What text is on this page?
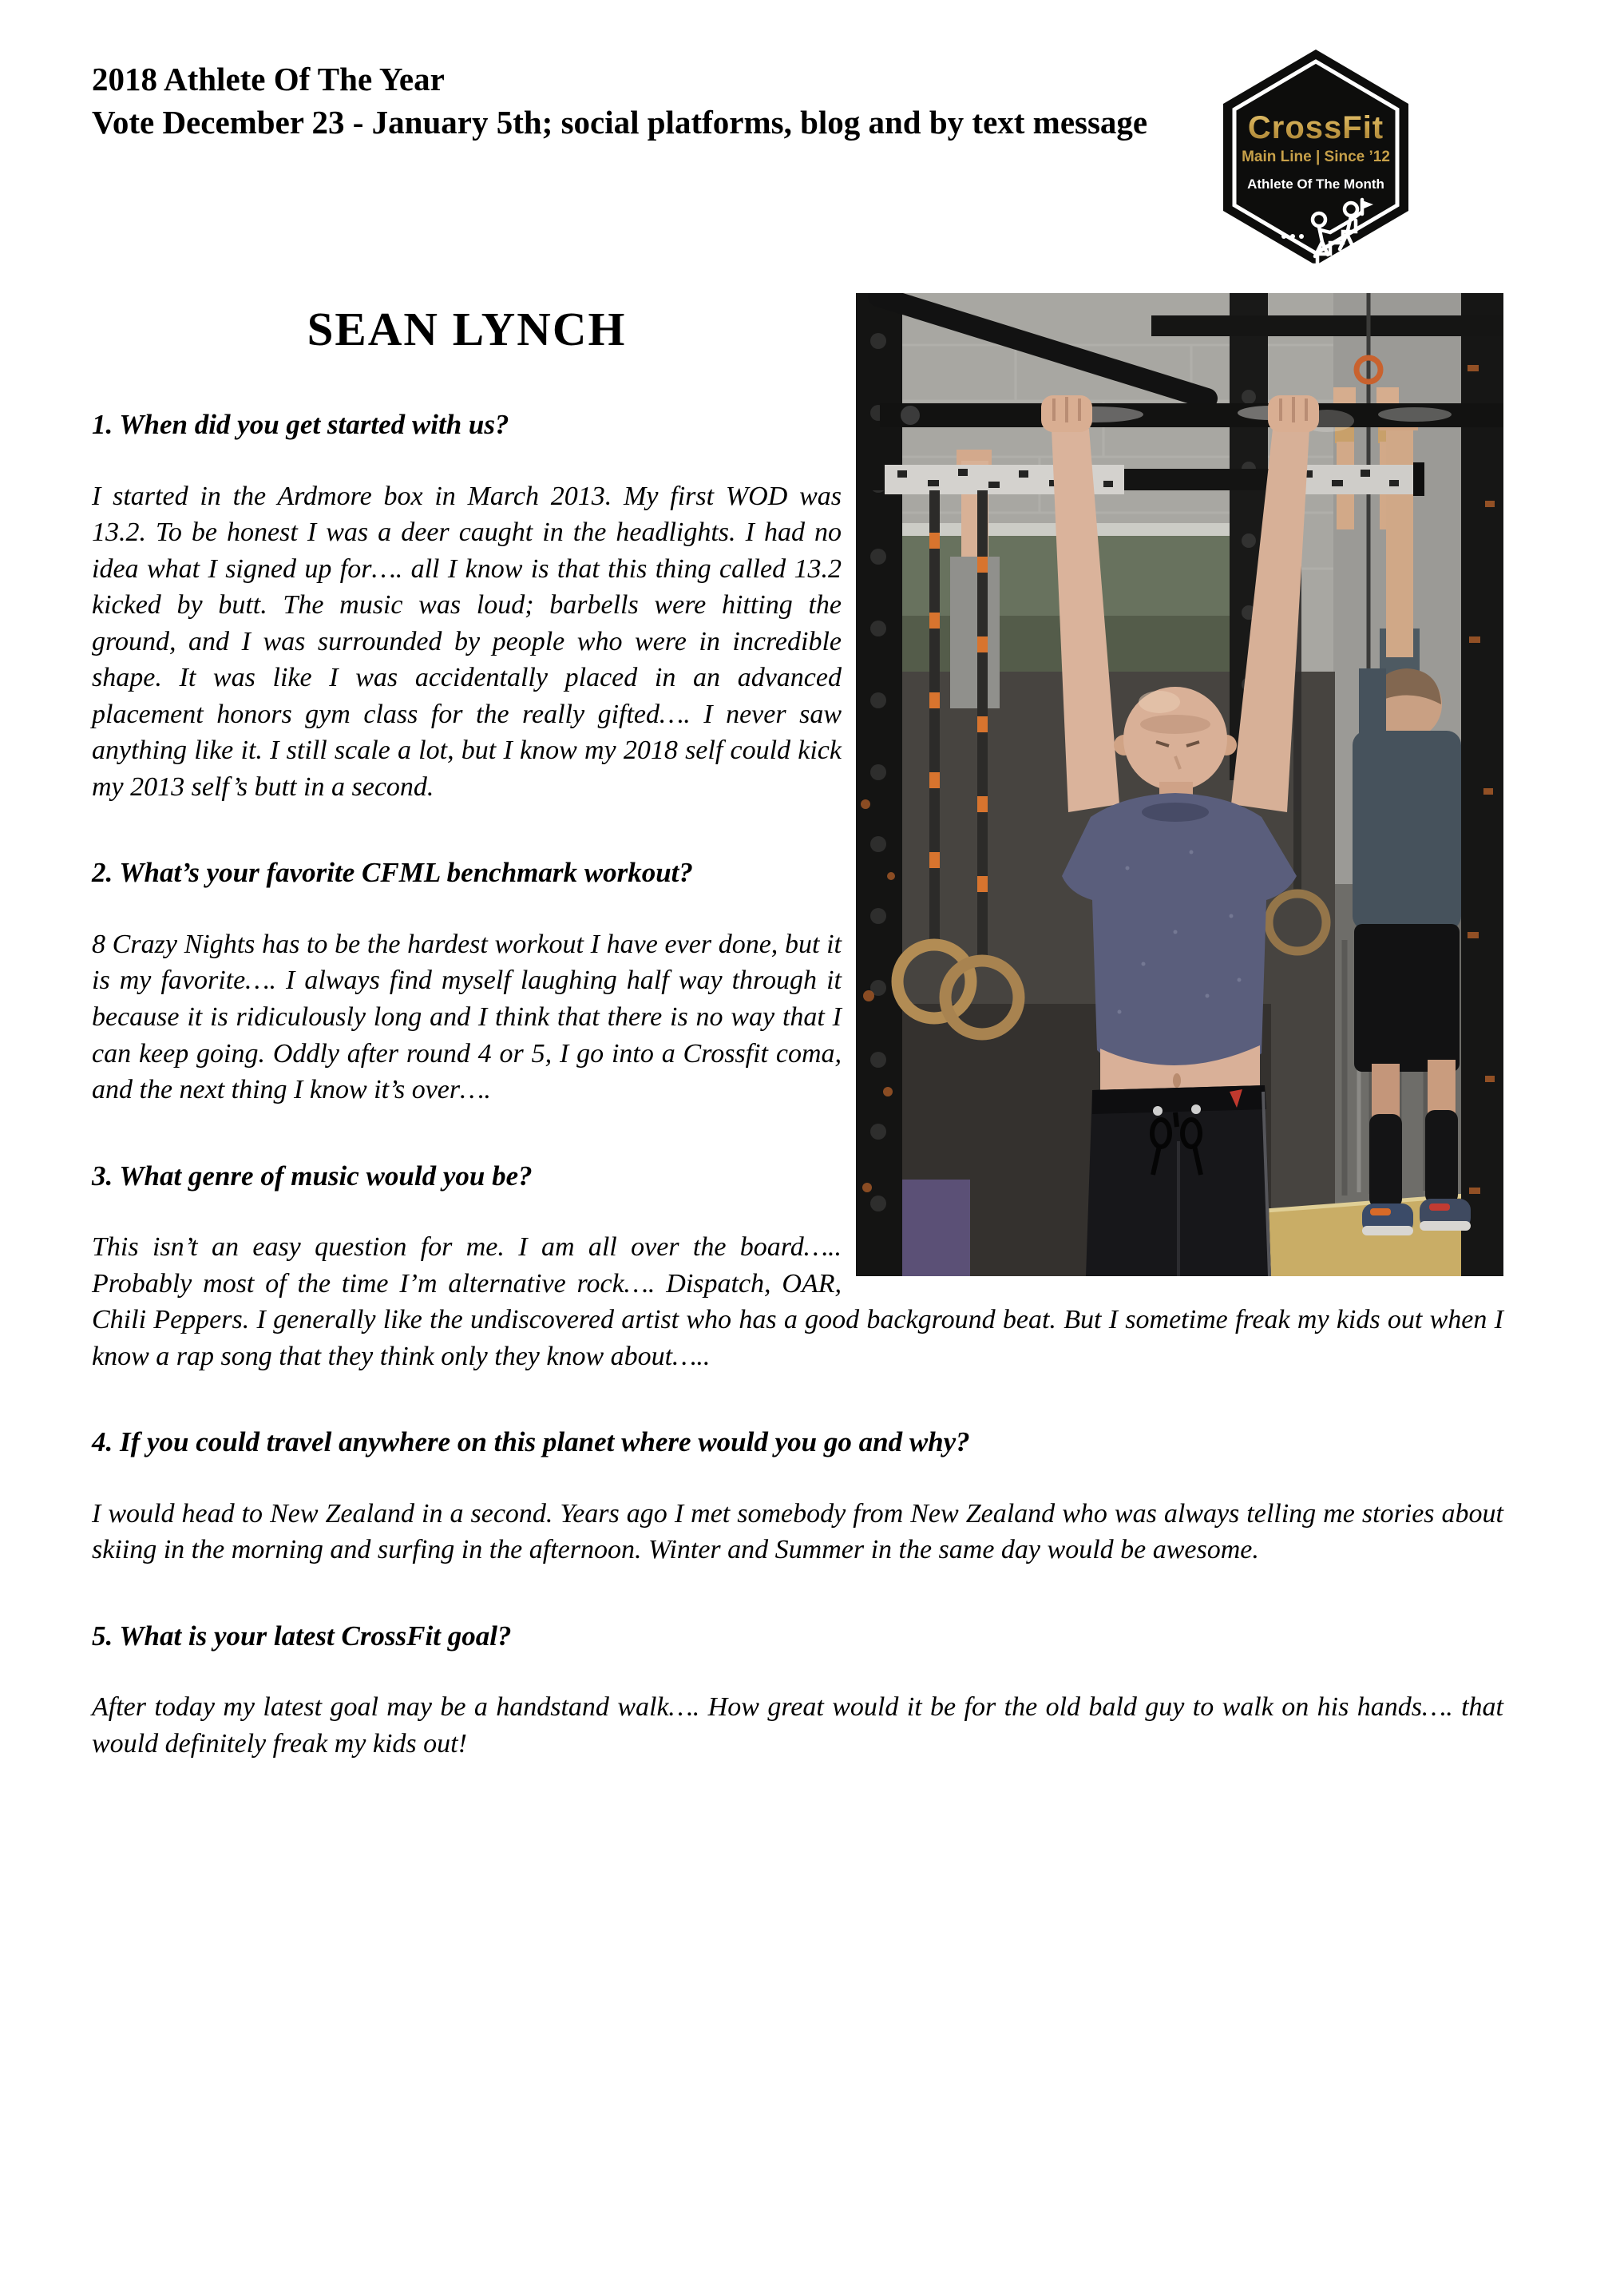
2018 Athlete Of The Year
Vote December 23 - January 5th; social platforms, blog and by text message	CrossFit
Main Line | Since ’12
Athlete Of The Month
SEAN LYNCH
1. When did you get started with us?

I started in the Ardmore box in March 2013. My first WOD was 13.2. To be honest I was a deer caught in the headlights. I had no idea what I signed up for…. all I know is that this thing called 13.2 kicked by butt. The music was loud; barbells were hitting the ground, and I was surrounded by people who were in incredible shape. It was like I was accidentally placed in an advanced placement honors gym class for the really gifted…. I never saw anything like it. I still scale a lot, but I know my 2018 self could kick my 2013 self’s butt in a second.

2. What’s your favorite CFML benchmark workout?

8 Crazy Nights has to be the hardest workout I have ever done, but it is my favorite…. I always find myself laughing half way through it because it is ridiculously long and I think that there is no way that I can keep going. Oddly after round 4 or 5, I go into a Crossfit coma, and the next thing I know it’s over….

3. What genre of music would you be?

This isn’t an easy question for me. I am all over the board….. Probably most of the time I’m alternative rock…. Dispatch, OAR, Chili Peppers. I generally like the undiscovered artist who has a good background beat. But I sometime freak my kids out when I know a rap song that they think only they know about…..

4. If you could travel anywhere on this planet where would you go and why?

I would head to New Zealand in a second. Years ago I met somebody from New Zealand who was always telling me stories about skiing in the morning and surfing in the afternoon. Winter and Summer in the same day would be awesome.

5. What is your latest CrossFit goal?

After today my latest goal may be a handstand walk…. How great would it be for the old bald guy to walk on his hands…. that would definitely freak my kids out!
